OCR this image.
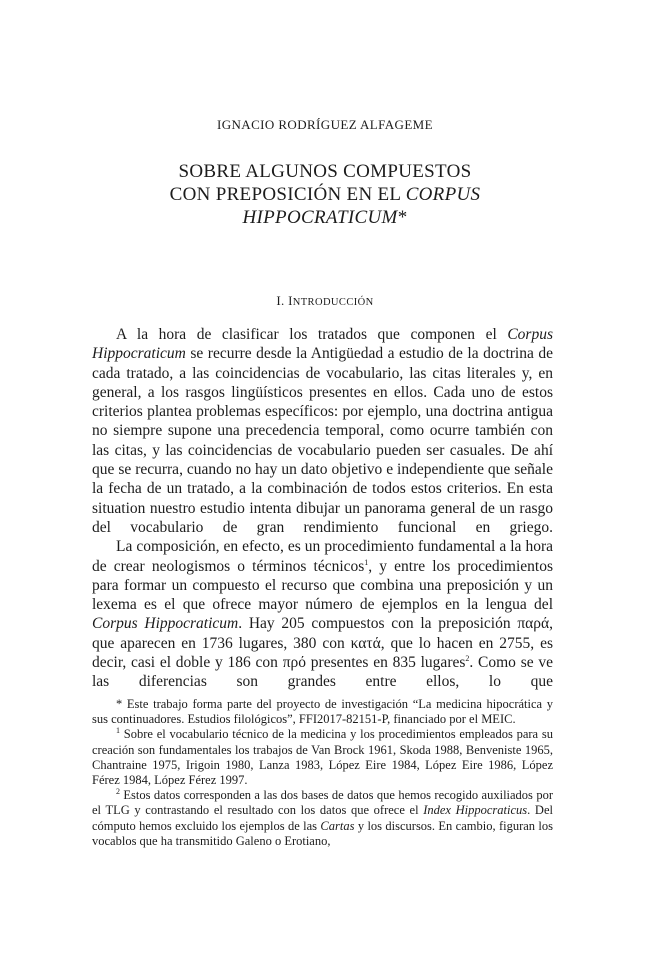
IGNACIO RODRÍGUEZ ALFAGEME
SOBRE ALGUNOS COMPUESTOS
CON PREPOSICIÓN EN EL CORPUS
HIPPOCRATICUM*
I. INTRODUCCIÓN

A la hora de clasificar los tratados que componen el Corpus Hippocraticum se recurre desde la Antigüedad a estudio de la doctrina de cada tratado, a las coincidencias de vocabulario, las citas literales y, en general, a los rasgos lingüísticos presentes en ellos. Cada uno de estos criterios plantea problemas específicos: por ejemplo, una doctrina antigua no siempre supone una precedencia temporal, como ocurre también con las citas, y las coincidencias de vocabulario pueden ser casuales. De ahí que se recurra, cuando no hay un dato objetivo e independiente que señale la fecha de un tratado, a la combinación de todos estos criterios. En esta situation nuestro estudio intenta dibujar un panorama general de un rasgo del vocabulario de gran rendimiento funcional en griego.

La composición, en efecto, es un procedimiento fundamental a la hora de crear neologismos o términos técnicos$^1$, y entre los procedimientos para formar un compuesto el recurso que combina una preposición y un lexema es el que ofrece mayor número de ejemplos en la lengua del Corpus Hippocraticum. Hay 205 compuestos con la preposición παρά, que aparecen en 1736 lugares, 380 con κατά, que lo hacen en 2755, es decir, casi el doble y 186 con πρό presentes en 835 lugares$^2$. Como se ve las diferencias son grandes entre ellos, lo que

* Este trabajo forma parte del proyecto de investigación “La medicina hipocrática y sus continuadores. Estudios filológicos”, FFI2017-82151-P, financiado por el MEIC.

$^1$ Sobre el vocabulario técnico de la medicina y los procedimientos empleados para su creación son fundamentales los trabajos de Van Brock 1961, Skoda 1988, Benveniste 1965, Chantraine 1975, Irigoin 1980, Lanza 1983, López Eire 1984, López Eire 1986, López Férez 1984, López Férez 1997.

$^2$ Estos datos corresponden a las dos bases de datos que hemos recogido auxiliados por el TLG y contrastando el resultado con los datos que ofrece el Index Hippocraticus. Del cómputo hemos excluido los ejemplos de las Cartas y los discursos. En cambio, figuran los vocablos que ha transmitido Galeno o Erotiano,
